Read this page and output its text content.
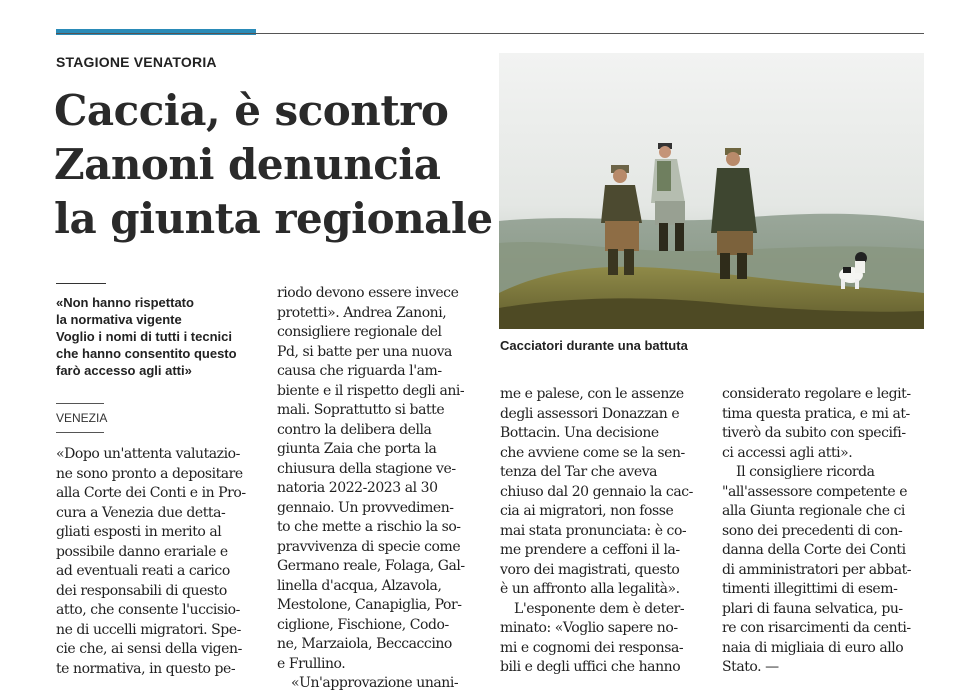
STAGIONE VENATORIA
Caccia, è scontro
Zanoni denuncia
la giunta regionale
Cacciatori durante una battuta
«Non hanno rispettato
la normativa vigente
Voglio i nomi di tutti i tecnici
che hanno consentito questo
farò accesso agli atti»
VENEZIA
«Dopo un'attenta valutazio-
ne sono pronto a depositare
alla Corte dei Conti e in Pro-
cura a Venezia due detta-
gliati esposti in merito al
possibile danno erariale e
ad eventuali reati a carico
dei responsabili di questo
atto, che consente l'uccisio-
ne di uccelli migratori. Spe-
cie che, ai sensi della vigen-
te normativa, in questo pe-
riodo devono essere invece
protetti». Andrea Zanoni,
consigliere regionale del
Pd, si batte per una nuova
causa che riguarda l'am-
biente e il rispetto degli ani-
mali. Soprattutto si batte
contro la delibera della
giunta Zaia che porta la
chiusura della stagione ve-
natoria 2022-2023 al 30
gennaio. Un provvedimen-
to che mette a rischio la so-
pravvivenza di specie come
Germano reale, Folaga, Gal-
linella d'acqua, Alzavola,
Mestolone, Canapiglia, Por-
ciglione, Fischione, Codo-
ne, Marzaiola, Beccaccino
e Frullino.
«Un'approvazione unani-
me e palese, con le assenze
degli assessori Donazzan e
Bottacin. Una decisione
che avviene come se la sen-
tenza del Tar che aveva
chiuso dal 20 gennaio la cac-
cia ai migratori, non fosse
mai stata pronunciata: è co-
me prendere a ceffoni il la-
voro dei magistrati, questo
è un affronto alla legalità».
L'esponente dem è deter-
minato: «Voglio sapere no-
mi e cognomi dei responsa-
bili e degli uffici che hanno
considerato regolare e legit-
tima questa pratica, e mi at-
tiverò da subito con specifi-
ci accessi agli atti».
Il consigliere ricorda
"all'assessore competente e
alla Giunta regionale che ci
sono dei precedenti di con-
danna della Corte dei Conti
di amministratori per abbat-
timenti illegittimi di esem-
plari di fauna selvatica, pu-
re con risarcimenti da centi-
naia di migliaia di euro allo
Stato. —
